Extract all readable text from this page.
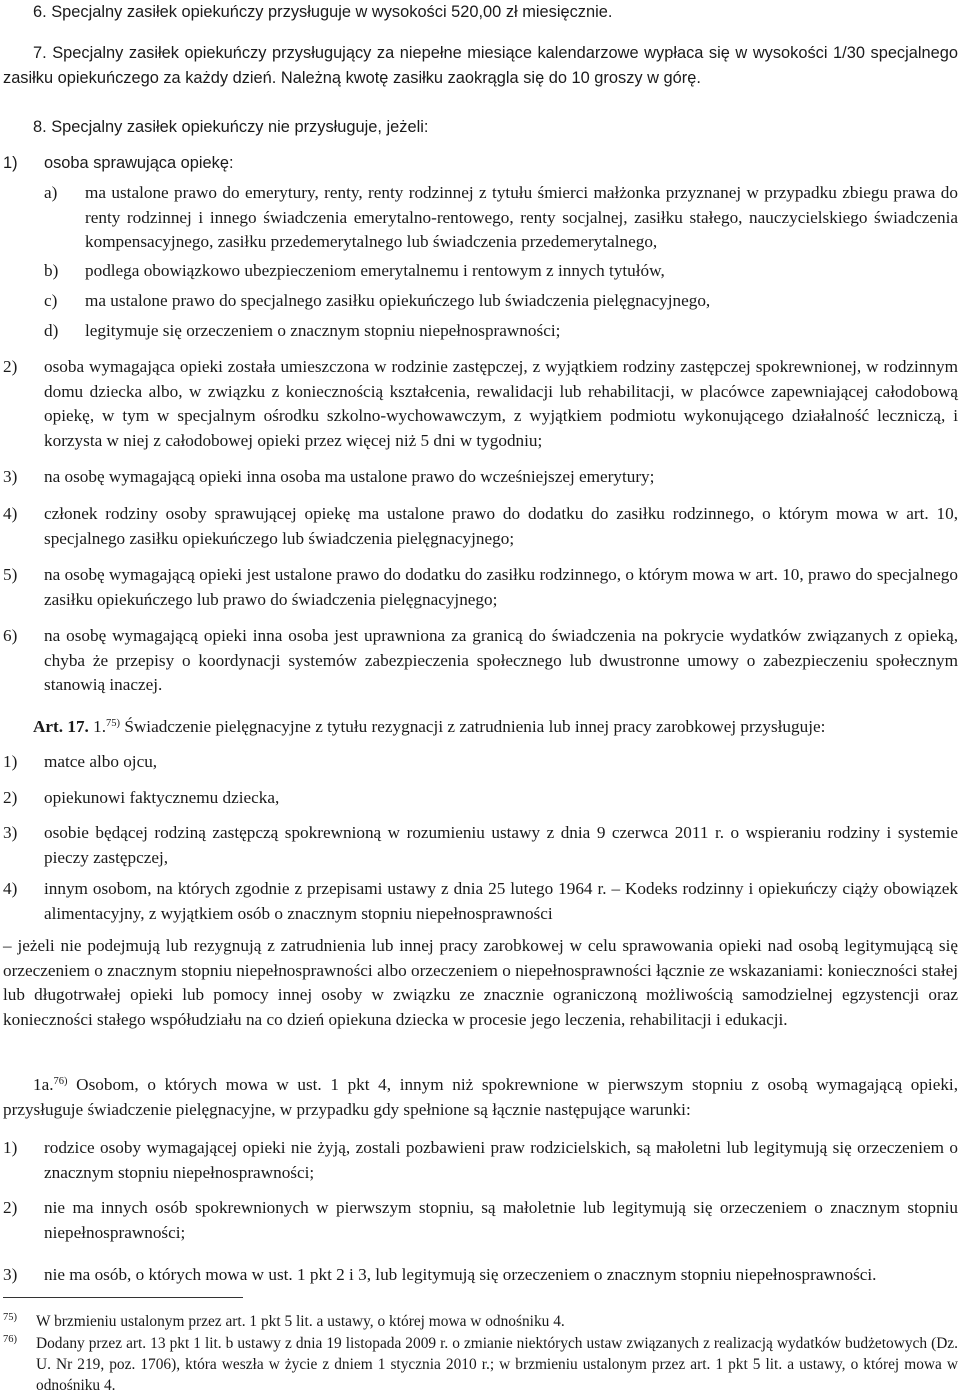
6. Specjalny zasiłek opiekuńczy przysługuje w wysokości 520,00 zł miesięcznie.

7. Specjalny zasiłek opiekuńczy przysługujący za niepełne miesiące kalendarzowe wypłaca się w wysokości 1/30 specjalnego zasiłku opiekuńczego za każdy dzień. Należną kwotę zasiłku zaokrągla się do 10 groszy w górę.

8. Specjalny zasiłek opiekuńczy nie przysługuje, jeżeli:

1) osoba sprawująca opiekę:
a) ma ustalone prawo do emerytury, renty, renty rodzinnej z tytułu śmierci małżonka przyznanej w przypadku zbiegu prawa do renty rodzinnej i innego świadczenia emerytalno-rentowego, renty socjalnej, zasiłku stałego, nauczycielskiego świadczenia kompensacyjnego, zasiłku przedemerytalnego lub świadczenia przedemerytalnego,
b) podlega obowiązkowo ubezpieczeniom emerytalnemu i rentowym z innych tytułów,
c) ma ustalone prawo do specjalnego zasiłku opiekuńczego lub świadczenia pielęgnacyjnego,
d) legitymuje się orzeczeniem o znacznym stopniu niepełnosprawności;
2) osoba wymagająca opieki została umieszczona w rodzinie zastępczej, z wyjątkiem rodziny zastępczej spokrewnionej, w rodzinnym domu dziecka albo, w związku z koniecznością kształcenia, rewalidacji lub rehabilitacji, w placówce zapewniającej całodobową opiekę, w tym w specjalnym ośrodku szkolno-wychowawczym, z wyjątkiem podmiotu wykonującego działalność leczniczą, i korzysta w niej z całodobowej opieki przez więcej niż 5 dni w tygodniu;
3) na osobę wymagającą opieki inna osoba ma ustalone prawo do wcześniejszej emerytury;
4) członek rodziny osoby sprawującej opiekę ma ustalone prawo do dodatku do zasiłku rodzinnego, o którym mowa w art. 10, specjalnego zasiłku opiekuńczego lub świadczenia pielęgnacyjnego;
5) na osobę wymagającą opieki jest ustalone prawo do dodatku do zasiłku rodzinnego, o którym mowa w art. 10, prawo do specjalnego zasiłku opiekuńczego lub prawo do świadczenia pielęgnacyjnego;
6) na osobę wymagającą opieki inna osoba jest uprawniona za granicą do świadczenia na pokrycie wydatków związanych z opieką, chyba że przepisy o koordynacji systemów zabezpieczenia społecznego lub dwustronne umowy o zabezpieczeniu społecznym stanowią inaczej.

Art. 17. 1.$^{75)}$ Świadczenie pielęgnacyjne z tytułu rezygnacji z zatrudnienia lub innej pracy zarobkowej przysługuje:

1) matce albo ojcu,
2) opiekunowi faktycznemu dziecka,
3) osobie będącej rodziną zastępczą spokrewnioną w rozumieniu ustawy z dnia 9 czerwca 2011 r. o wspieraniu rodziny i systemie pieczy zastępczej,
4) innym osobom, na których zgodnie z przepisami ustawy z dnia 25 lutego 1964 r. – Kodeks rodzinny i opiekuńczy ciąży obowiązek alimentacyjny, z wyjątkiem osób o znacznym stopniu niepełnosprawności

– jeżeli nie podejmują lub rezygnują z zatrudnienia lub innej pracy zarobkowej w celu sprawowania opieki nad osobą legitymującą się orzeczeniem o znacznym stopniu niepełnosprawności albo orzeczeniem o niepełnosprawności łącznie ze wskazaniami: konieczności stałej lub długotrwałej opieki lub pomocy innej osoby w związku ze znacznie ograniczoną możliwością samodzielnej egzystencji oraz konieczności stałego współudziału na co dzień opiekuna dziecka w procesie jego leczenia, rehabilitacji i edukacji.

1a.$^{76)}$ Osobom, o których mowa w ust. 1 pkt 4, innym niż spokrewnione w pierwszym stopniu z osobą wymagającą opieki, przysługuje świadczenie pielęgnacyjne, w przypadku gdy spełnione są łącznie następujące warunki:

1) rodzice osoby wymagającej opieki nie żyją, zostali pozbawieni praw rodzicielskich, są małoletni lub legitymują się orzeczeniem o znacznym stopniu niepełnosprawności;
2) nie ma innych osób spokrewnionych w pierwszym stopniu, są małoletnie lub legitymują się orzeczeniem o znacznym stopniu niepełnosprawności;
3) nie ma osób, o których mowa w ust. 1 pkt 2 i 3, lub legitymują się orzeczeniem o znacznym stopniu niepełnosprawności.
75) W brzmieniu ustalonym przez art. 1 pkt 5 lit. a ustawy, o której mowa w odnośniku 4.
76) Dodany przez art. 13 pkt 1 lit. b ustawy z dnia 19 listopada 2009 r. o zmianie niektórych ustaw związanych z realizacją wydatków budżetowych (Dz. U. Nr 219, poz. 1706), która weszła w życie z dniem 1 stycznia 2010 r.; w brzmieniu ustalonym przez art. 1 pkt 5 lit. a ustawy, o której mowa w odnośniku 4.
